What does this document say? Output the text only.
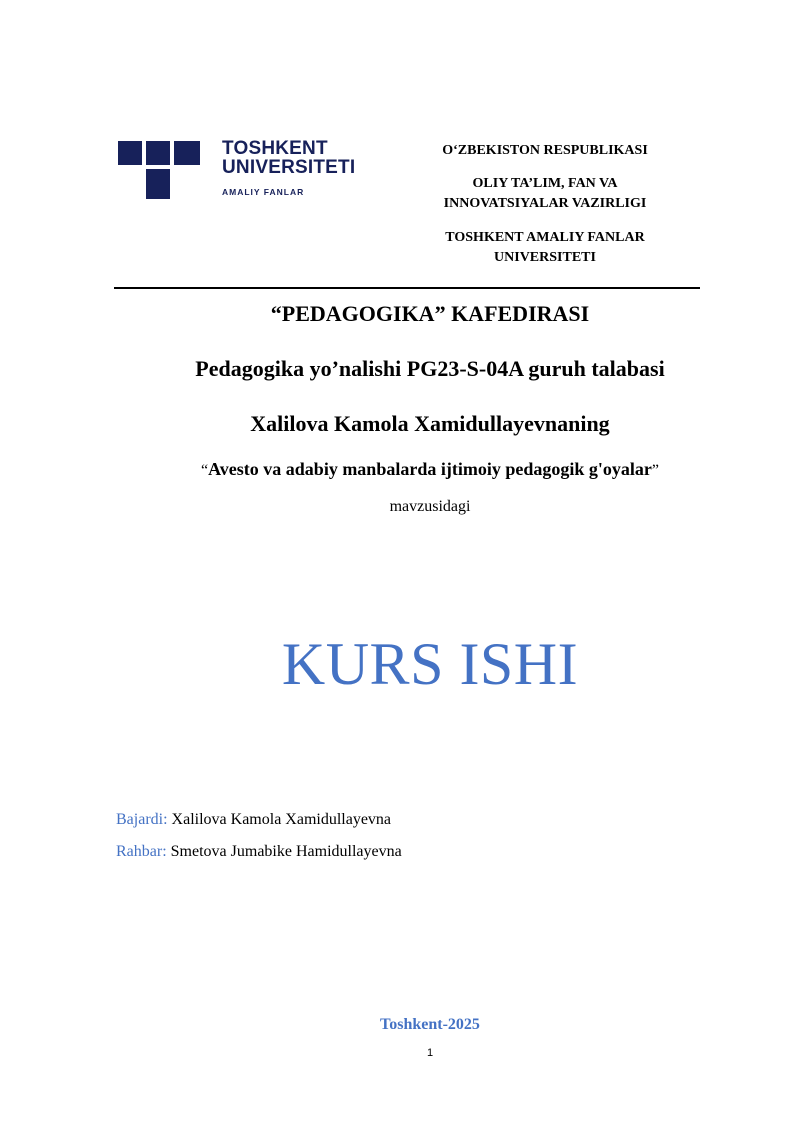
TOSHKENT
UNIVERSITETI
AMALIY FANLAR
O‘ZBEKISTON RESPUBLIKASI
OLIY TA’LIM, FAN VA INNOVATSIYALAR VAZIRLIGI
TOSHKENT AMALIY FANLAR UNIVERSITETI
“PEDAGOGIKA” KAFEDIRASI
Pedagogika yo’nalishi PG23-S-04A guruh talabasi
Xalilova Kamola Xamidullayevnaning
“Avesto va adabiy manbalarda ijtimoiy pedagogik g'oyalar” mavzusidagi
KURS ISHI
Bajardi: Xalilova Kamola Xamidullayevna
Rahbar: Smetova Jumabike Hamidullayevna
Toshkent-2025
1
